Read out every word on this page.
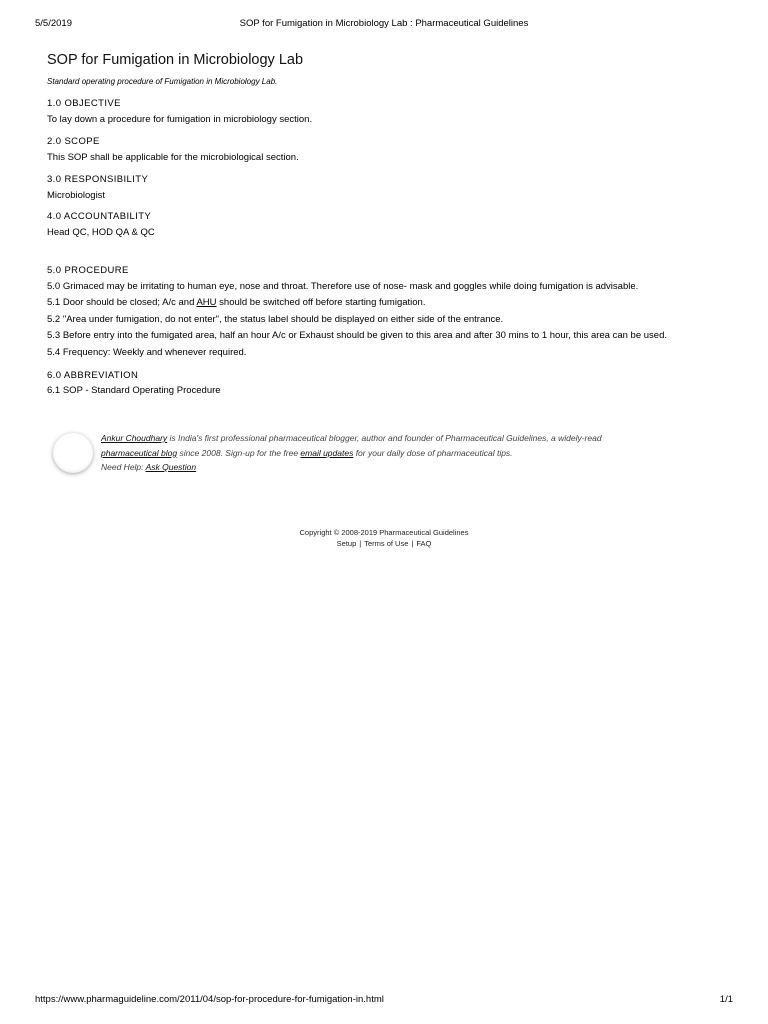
5/5/2019	SOP for Fumigation in Microbiology Lab : Pharmaceutical Guidelines
SOP for Fumigation in Microbiology Lab
Standard operating procedure of Fumigation in Microbiology Lab.
1.0 OBJECTIVE
To lay down a procedure for fumigation in microbiology section.
2.0 SCOPE
This SOP shall be applicable for the microbiological section.
3.0 RESPONSIBILITY
Microbiologist
4.0 ACCOUNTABILITY
Head QC, HOD QA & QC
5.0 PROCEDURE
5.0 Grimaced may be irritating to human eye, nose and throat. Therefore use of nose- mask and goggles while doing fumigation is advisable.
5.1 Door should be closed; A/c and AHU should be switched off before starting fumigation.
5.2 "Area under fumigation, do not enter", the status label should be displayed on either side of the entrance.
5.3 Before entry into the fumigated area, half an hour A/c or Exhaust should be given to this area and after 30 mins to 1 hour, this area can be used.
5.4 Frequency: Weekly and whenever required.
6.0 ABBREVIATION
6.1 SOP - Standard Operating Procedure
Ankur Choudhary is India's first professional pharmaceutical blogger, author and founder of Pharmaceutical Guidelines, a widely-read
pharmaceutical blog since 2008. Sign-up for the free email updates for your daily dose of pharmaceutical tips.
Need Help: Ask Question
Copyright © 2008-2019 Pharmaceutical Guidelines
Setup | Terms of Use | FAQ
https://www.pharmaguideline.com/2011/04/sop-for-procedure-for-fumigation-in.html	1/1
